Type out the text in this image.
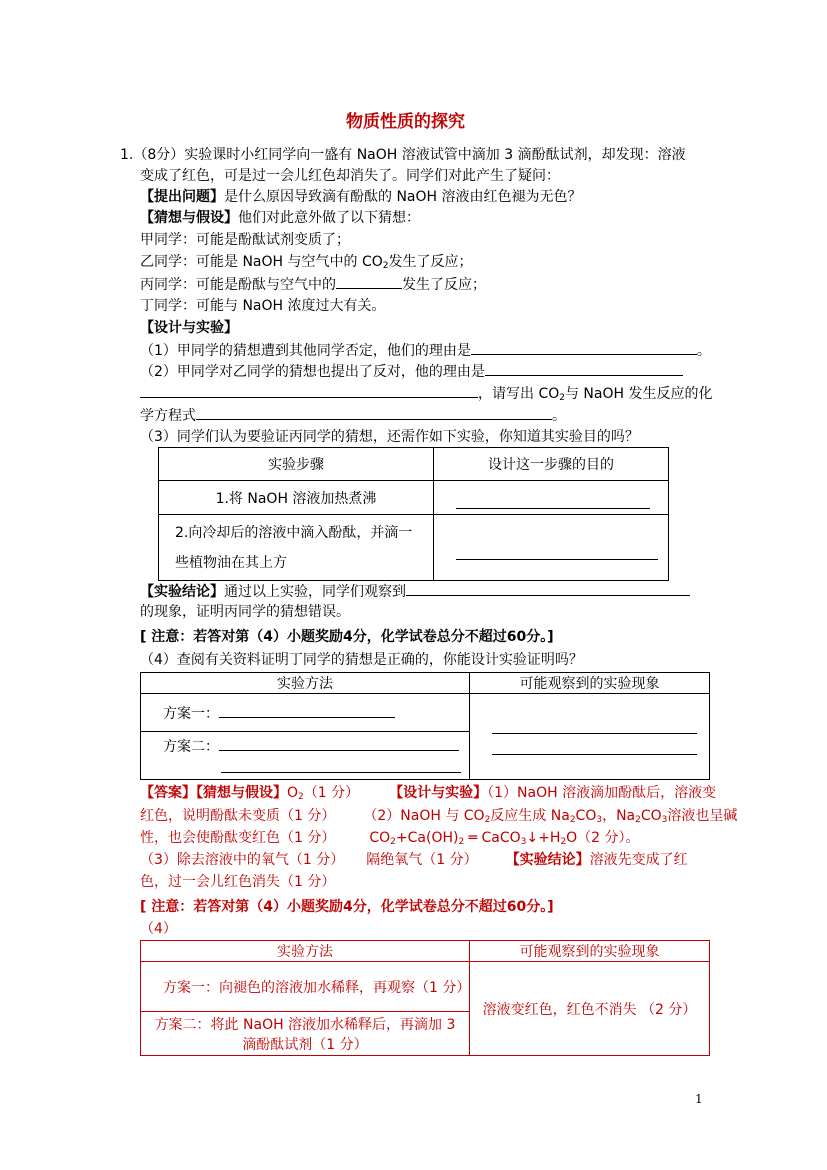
物质性质的探究
1.（8分）实验课时小红同学向一盛有 NaOH 溶液试管中滴加 3 滴酚酞试剂，却发现：溶液
变成了红色，可是过一会儿红色却消失了。同学们对此产生了疑问：
【提出问题】是什么原因导致滴有酚酞的 NaOH 溶液由红色褪为无色？
【猜想与假设】他们对此意外做了以下猜想：
甲同学：可能是酚酞试剂变质了；
乙同学：可能是 NaOH 与空气中的 $CO_2$发生了反应；
丙同学：可能是酚酞与空气中的	发生了反应；
丁同学：可能与 NaOH 浓度过大有关。
【设计与实验】
（1）甲同学的猜想遭到其他同学否定，他们的理由是	。
（2）甲同学对乙同学的猜想也提出了反对，他的理由是
，请写出 $CO_2$与 NaOH 发生反应的化
学方程式	。
（3）同学们认为要验证丙同学的猜想，还需作如下实验，你知道其实验目的吗？
实验步骤	设计这一步骤的目的
1.将 NaOH 溶液加热煮沸	

2.向冷却后的溶液中滴入酚酞，并滴一
些植物油在其上方	

【实验结论】通过以上实验，同学们观察到
的现象，证明丙同学的猜想错误。
[ 注意：若答对第（4）小题奖励4分，化学试卷总分不超过60分。]
（4）查阅有关资料证明丁同学的猜想是正确的，你能设计实验证明吗？
实验方法	可能观察到的实验现象
方案一：	

方案二：	
【答案】【猜想与假设】$O_2(1$ 分） 【设计与实验】（1）NaOH 溶液滴加酚酞后，溶液变
红色，说明酚酞未变质（1 分） （2）NaOH 与 $CO_2$反应生成 $Na_2CO_3$，$Na_2CO_3$溶液也呈碱
性，也会使酚酞变红色（1 分） $CO_2+Ca(OH)_2$ ═ $CaCO_3↓+H_2O(2$ 分）。
（3）除去溶液中的氧气（1 分） 隔绝氧气（1 分） 【实验结论】溶液先变成了红
色，过一会儿红色消失（1 分）
[ 注意：若答对第（4）小题奖励4分，化学试卷总分不超过60分。]
（4）
实验方法	可能观察到的实验现象
方案一：向褪色的溶液加水稀释，再观察（1 分）	溶液变红色，红色不消失 （2 分）

方案二：将此 NaOH 溶液加水稀释后，再滴加 3
滴酚酞试剂（1 分）	
1
